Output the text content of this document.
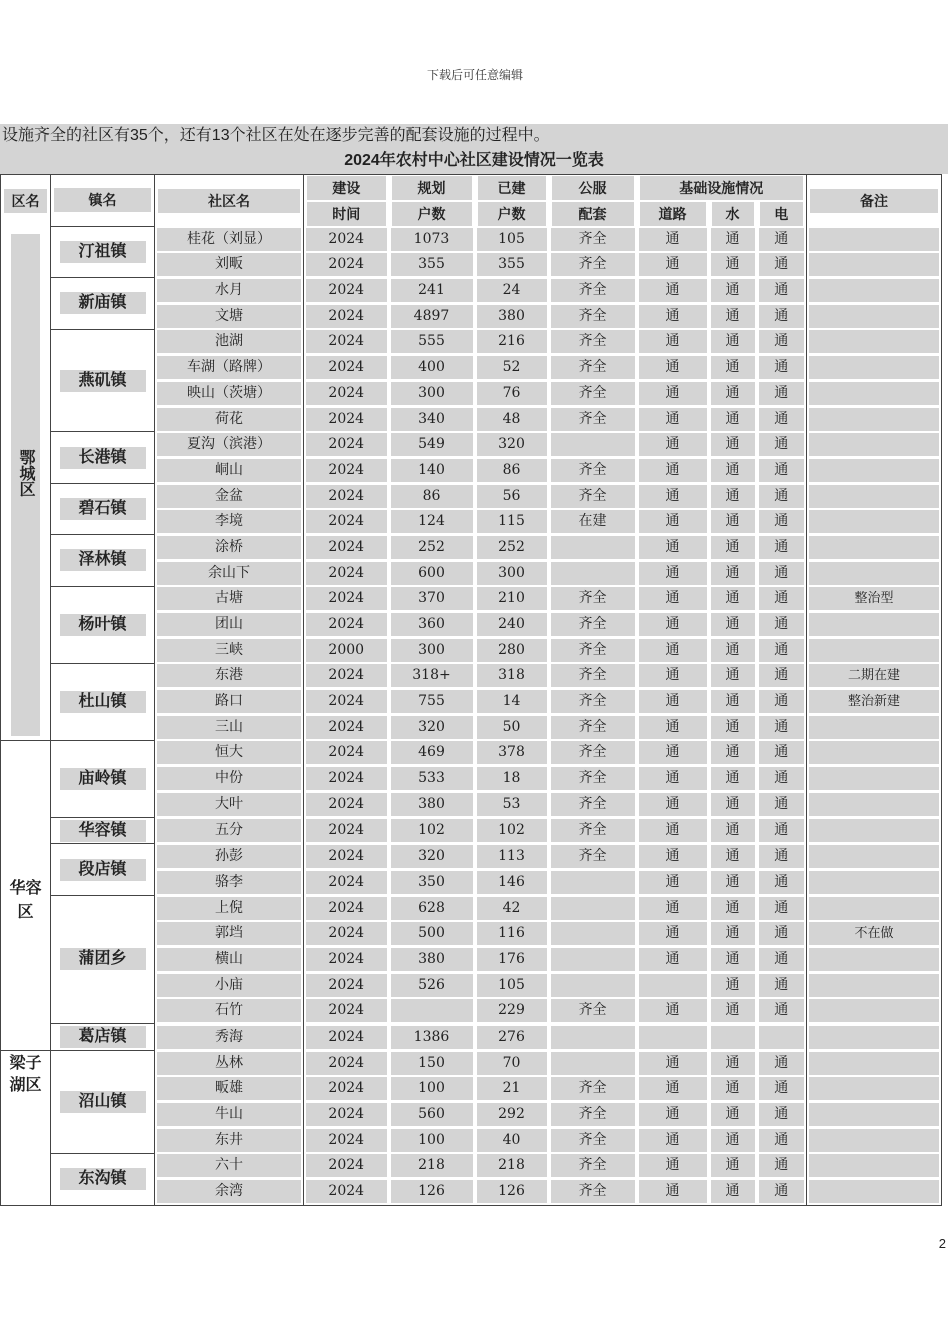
下载后可任意编辑
设施齐全的社区有35个，还有13个社区在处在逐步完善的配套设施的过程中。
2024年农村中心社区建设情况一览表
区名	镇名	社区名	建设	规划	已建	公服	基础设施情况			备注

			时间	户数	户数	配套	道路	水	电	

鄂城区	汀祖镇	桂花（刘显）	2024	1073	105	齐全	通	通	通	

		刘畈	2024	355	355	齐全	通	通	通	

	新庙镇	水月	2024	241	24	齐全	通	通	通	

		文塘	2024	4897	380	齐全	通	通	通	

	燕矶镇	池湖	2024	555	216	齐全	通	通	通	

		车湖（路牌）	2024	400	52	齐全	通	通	通	

		映山（茨塘）	2024	300	76	齐全	通	通	通	

		荷花	2024	340	48	齐全	通	通	通	

	长港镇	夏沟（滨港）	2024	549	320		通	通	通	

		峒山	2024	140	86	齐全	通	通	通	

	碧石镇	金盆	2024	86	56	齐全	通	通	通	

		李境	2024	124	115	在建	通	通	通	

	泽林镇	涂桥	2024	252	252		通	通	通	

		余山下	2024	600	300		通	通	通	

	杨叶镇	古塘	2024	370	210	齐全	通	通	通	整治型

		团山	2024	360	240	齐全	通	通	通	

		三峡	2000	300	280	齐全	通	通	通	

	杜山镇	东港	2024	318+	318	齐全	通	通	通	二期在建

		路口	2024	755	14	齐全	通	通	通	整治新建

		三山	2024	320	50	齐全	通	通	通	

华容区	庙岭镇	恒大	2024	469	378	齐全	通	通	通	

		中份	2024	533	18	齐全	通	通	通	

		大叶	2024	380	53	齐全	通	通	通	

	华容镇	五分	2024	102	102	齐全	通	通	通	

	段店镇	孙彭	2024	320	113	齐全	通	通	通	

		骆李	2024	350	146		通	通	通	

	蒲团乡	上倪	2024	628	42		通	通	通	

		郭垱	2024	500	116		通	通	通	不在做

		横山	2024	380	176		通	通	通	

		小庙	2024	526	105			通	通	

		石竹	2024		229	齐全	通	通	通	

	葛店镇	秀海	2024	1386	276					

梁子湖区	沼山镇	丛林	2024	150	70		通	通	通	

		畈雄	2024	100	21	齐全	通	通	通	

		牛山	2024	560	292	齐全	通	通	通	

		东井	2024	100	40	齐全	通	通	通	

	东沟镇	六十	2024	218	218	齐全	通	通	通	

		余湾	2024	126	126	齐全	通	通	通	

2
